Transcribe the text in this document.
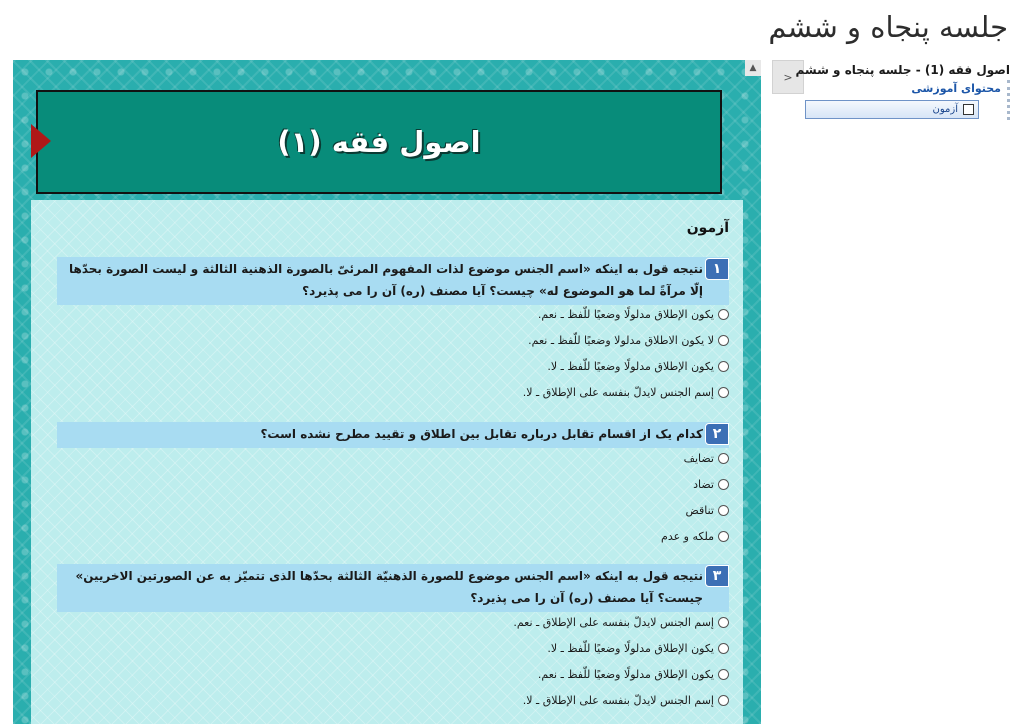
جلسه پنجاه و ششم
< اصول فقه (1) - جلسه پنجاه و ششم
محتوای آموزشی
آزمون
▲
اصول فقه (۱)
آزمون
۱
نتیجه قول به اینکه «اسم الجنس موضوع لذات المفهوم المرئیّ بالصورة الذهنیة الثالثة و لیست الصورة بحدّها إلّا مرآةً لما هو الموضوع له» چیست؟ آیا مصنف (ره) آن را می پذیرد؟
یکون الإطلاق مدلولًا وضعیًا للّفظ ـ نعم.
لا یکون الاطلاق مدلولا وضعیًا للّفظ ـ نعم.
یکون الإطلاق مدلولًا وضعیًا للّفظ ـ لا.
إسم الجنس لایدلّ بنفسه علی الإطلاق ـ لا.
۲
کدام یک از اقسام تقابل درباره تقابل بین اطلاق و تقیید مطرح نشده است؟
تضایف
تضاد
تناقض
ملکه و عدم
۳
نتیجه قول به اینکه «اسم الجنس موضوع للصورة الذهنیّة الثالثة بحدّها الذی تتمیّز به عن الصورتین الاخریین» چیست؟ آیا مصنف (ره) آن را می پذیرد؟
إسم الجنس لایدلّ بنفسه علی الإطلاق ـ نعم.
یکون الإطلاق مدلولًا وضعیًا للّفظ ـ لا.
یکون الإطلاق مدلولًا وضعیًا للّفظ ـ نعم.
إسم الجنس لایدلّ بنفسه علی الإطلاق ـ لا.
